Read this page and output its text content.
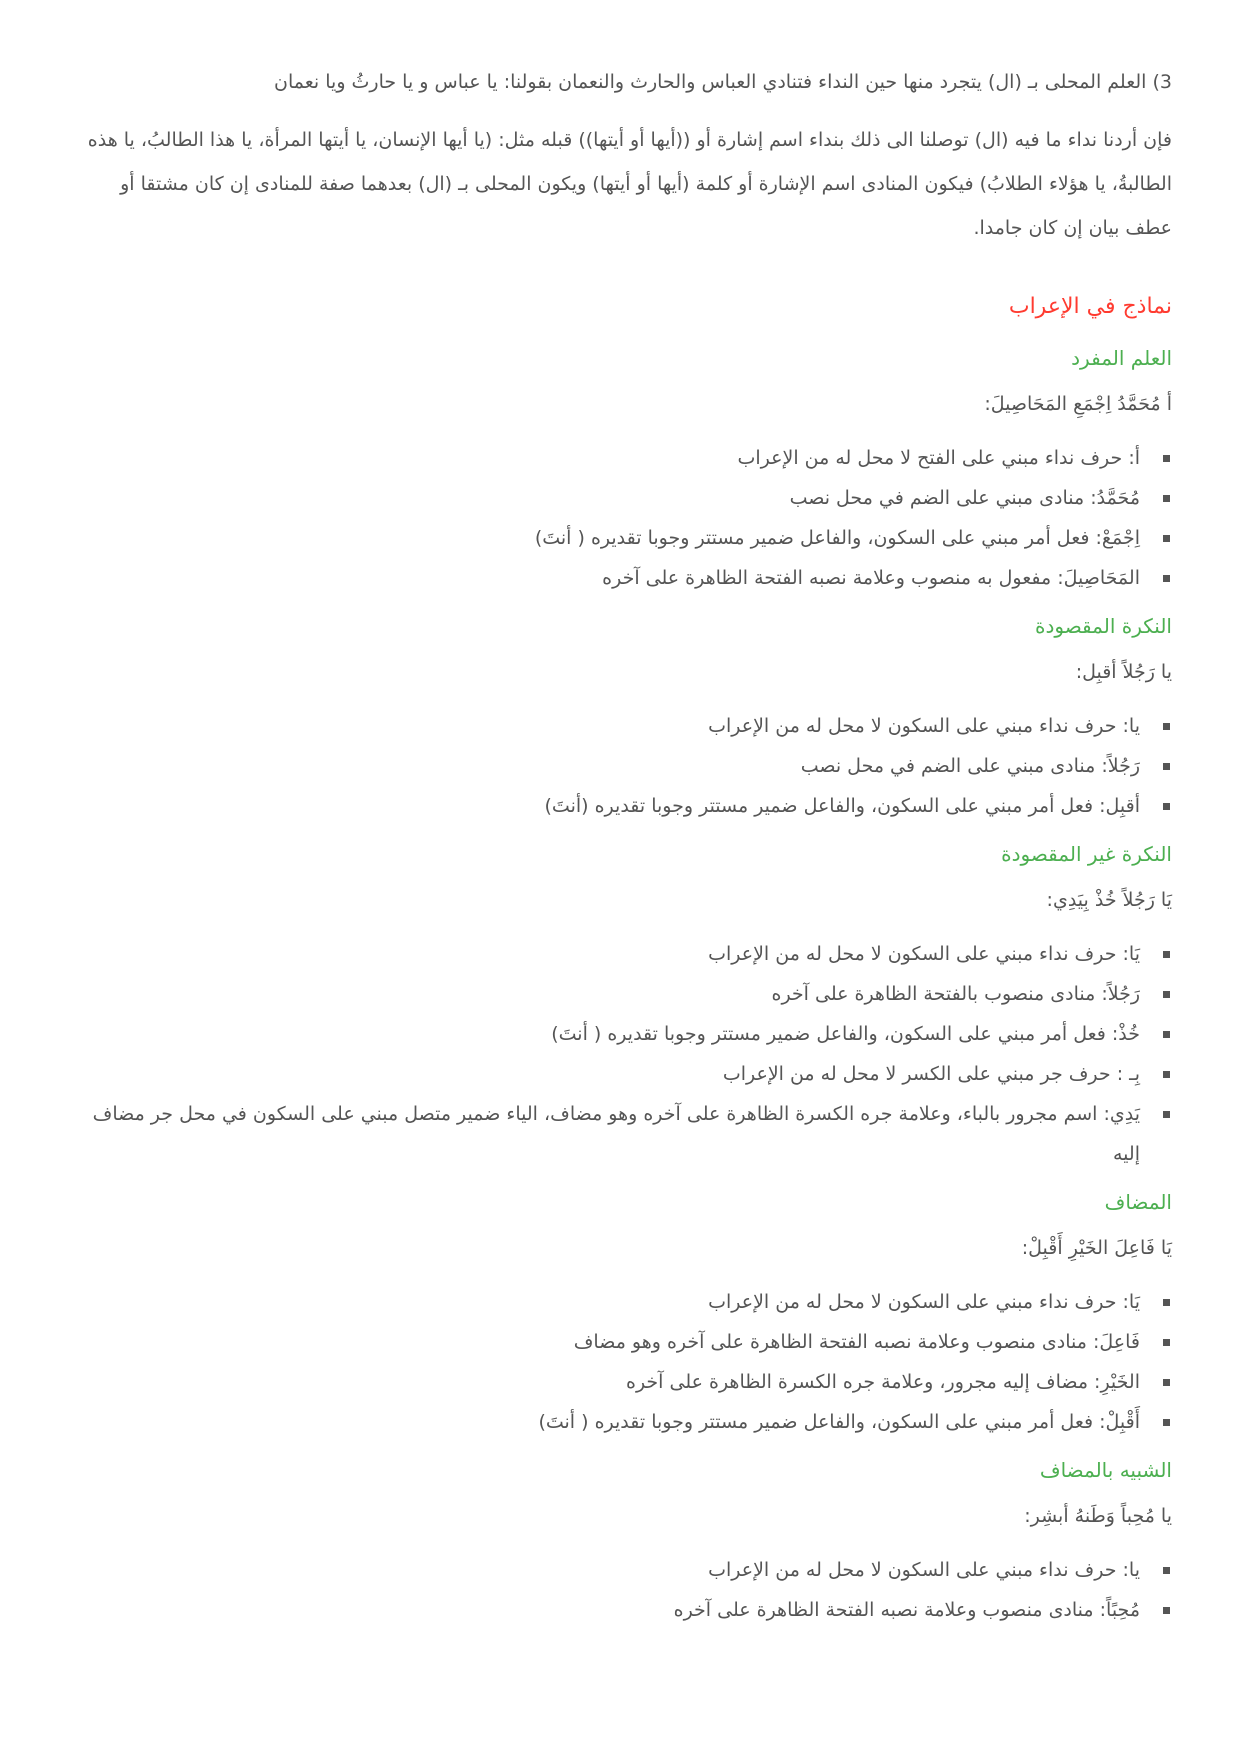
3) العلم المحلى بـ (ال) يتجرد منها حين النداء فتنادي العباس والحارث والنعمان بقولنا: يا عباس و يا حارثُ ويا نعمان

فإن أردنا نداء ما فيه (ال) توصلنا الى ذلك بنداء اسم إشارة أو ((أيها أو أيتها)) قبله مثل: (يا أيها الإنسان، يا أيتها المرأة، يا هذا الطالبُ، يا هذه الطالبةُ، يا هؤلاء الطلابُ) فيكون المنادى اسم الإشارة أو كلمة (أيها أو أيتها) ويكون المحلى بـ (ال) بعدهما صفة للمنادى إن كان مشتقا أو عطف بيان إن كان جامدا.

نماذج في الإعراب

العلم المفرد

أ مُحَمَّدُ اِجْمَعِ المَحَاصِيلَ:

أ: حرف نداء مبني على الفتح لا محل له من الإعراب
مُحَمَّدُ: منادى مبني على الضم في محل نصب
اِجْمَعْ: فعل أمر مبني على السكون، والفاعل ضمير مستتر وجوبا تقديره ( أنتَ)
المَحَاصِيلَ: مفعول به منصوب وعلامة نصبه الفتحة الظاهرة على آخره

النكرة المقصودة

يا رَجُلاً أقبِل:

يا: حرف نداء مبني على السكون لا محل له من الإعراب
رَجُلاً: منادى مبني على الضم في محل نصب
أقبِل: فعل أمر مبني على السكون، والفاعل ضمير مستتر وجوبا تقديره (أنتَ)

النكرة غير المقصودة

يَا رَجُلاً خُذْ بِيَدِي:

يَا: حرف نداء مبني على السكون لا محل له من الإعراب
رَجُلاً: منادى منصوب بالفتحة الظاهرة على آخره
خُذْ: فعل أمر مبني على السكون، والفاعل ضمير مستتر وجوبا تقديره ( أنتَ)
بِـ : حرف جر مبني على الكسر لا محل له من الإعراب
يَدِي: اسم مجرور بالباء، وعلامة جره الكسرة الظاهرة على آخره وهو مضاف، الياء ضمير متصل مبني على السكون في محل جر مضاف إليه

المضاف

يَا فَاعِلَ الخَيْرِ أَقْبِلْ:

يَا: حرف نداء مبني على السكون لا محل له من الإعراب
فَاعِلَ: منادى منصوب وعلامة نصبه الفتحة الظاهرة على آخره وهو مضاف
الخَيْرِ: مضاف إليه مجرور، وعلامة جره الكسرة الظاهرة على آخره
أَقْبِلْ: فعل أمر مبني على السكون، والفاعل ضمير مستتر وجوبا تقديره ( أنتَ)

الشبيه بالمضاف

يا مُحِباً وَطَنهُ أبشِر:

يا: حرف نداء مبني على السكون لا محل له من الإعراب
مُحِبًاً: منادى منصوب وعلامة نصبه الفتحة الظاهرة على آخره
